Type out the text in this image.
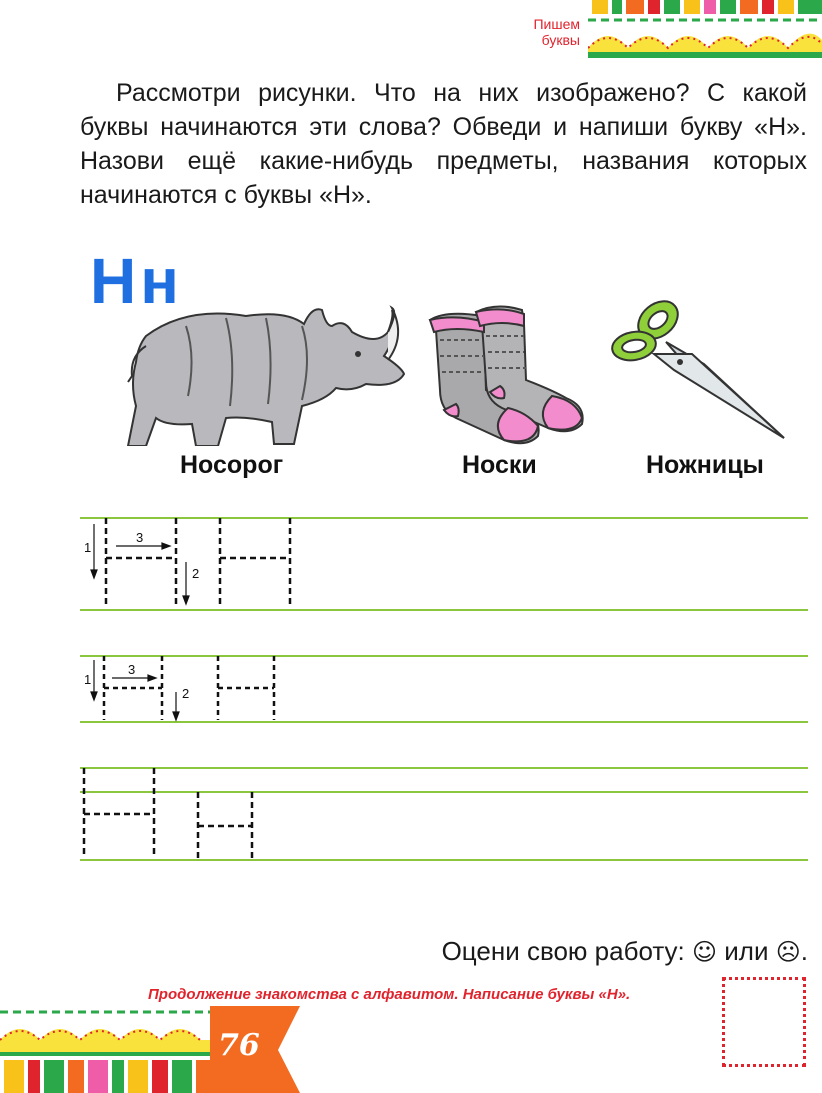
Пишем
буквы
Рассмотри рисунки. Что на них изображено? С какой буквы начинаются эти слова? Обведи и напиши букву «Н». Назови ещё какие-нибудь предметы, названия которых начинаются с буквы «Н».
Нн
Носорог	Носки	Ножницы
1
3
2
1
3
2
Оцени свою работу: ☺ или ☹.
Продолжение знакомства с алфавитом. Написание буквы «Н».
76
